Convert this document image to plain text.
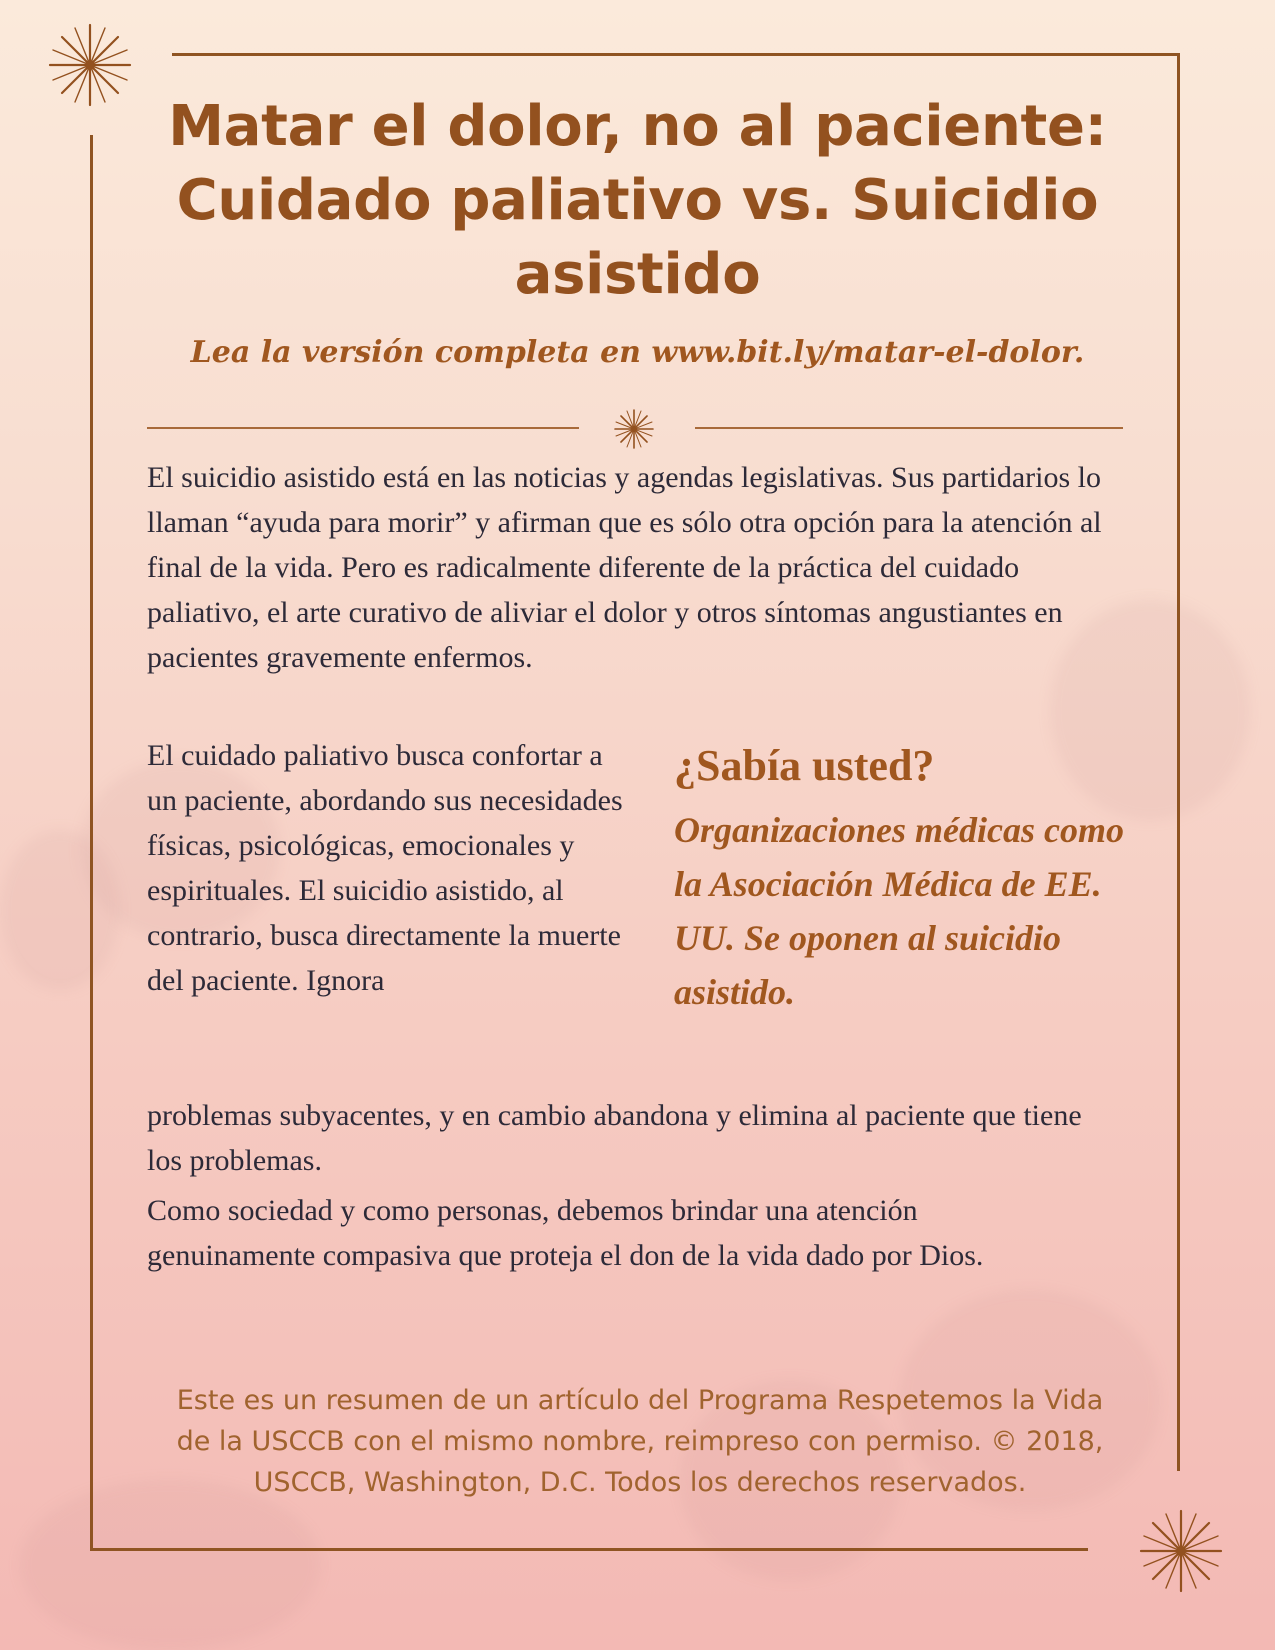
Matar el dolor, no al paciente: Cuidado paliativo vs. Suicidio asistido

Lea la versión completa en www.bit.ly/matar-el-dolor.

El suicidio asistido está en las noticias y agendas legislativas. Sus partidarios lo llaman “ayuda para morir” y afirman que es sólo otra opción para la atención al final de la vida. Pero es radicalmente diferente de la práctica del cuidado paliativo, el arte curativo de aliviar el dolor y otros síntomas angustiantes en pacientes gravemente enfermos.

El cuidado paliativo busca confortar a un paciente, abordando sus necesidades físicas, psicológicas, emocionales y espirituales. El suicidio asistido, al contrario, busca directamente la muerte del paciente. Ignora

problemas subyacentes, y en cambio abandona y elimina al paciente que tiene los problemas.

Como sociedad y como personas, debemos brindar una atención genuinamente compasiva que proteja el don de la vida dado por Dios.

¿Sabía usted?

Organizaciones médicas como la Asociación Médica de EE. UU. Se oponen al suicidio asistido.

Este es un resumen de un artículo del Programa Respetemos la Vida de la USCCB con el mismo nombre, reimpreso con permiso. © 2018, USCCB, Washington, D.C. Todos los derechos reservados.
